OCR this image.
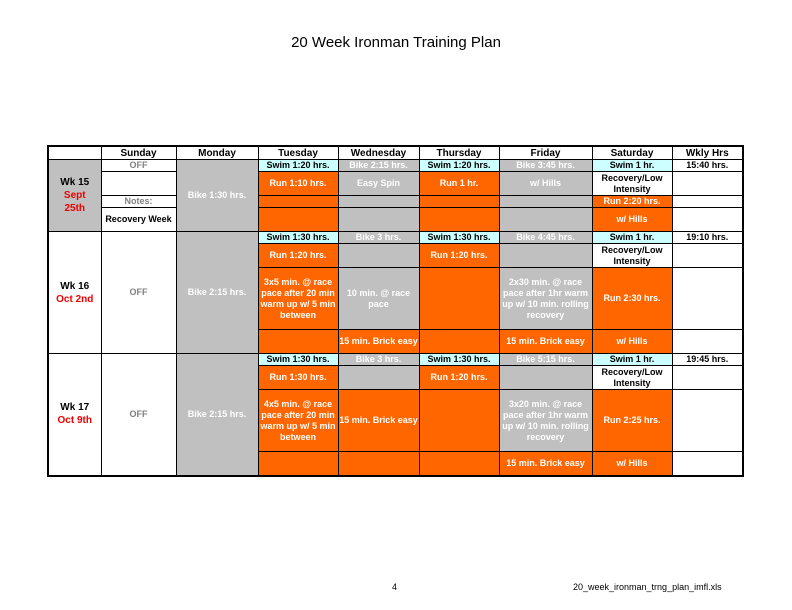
20 Week Ironman Training Plan
	Sunday	Monday	Tuesday	Wednesday	Thursday	Friday	Saturday	Wkly Hrs

Wk 15
Sept
25th	OFF	Bike 1:30 hrs.	Swim 1:20 hrs.	Bike 2:15 hrs.	Swim 1:20 hrs.	Bike 3:45 hrs.	Swim 1 hr.	15:40 hrs.
			Run 1:10 hrs.	Easy Spin	Run 1 hr.	w/ Hills	Recovery/Low Intensity	

	Notes:						Run 2:20 hrs.	
	Recovery Week						w/ Hills	

Wk 16
Oct 2nd	OFF	Bike 2:15 hrs.	Swim 1:30 hrs.	Bike 3 hrs.	Swim 1:30 hrs.	Bike 4:45 hrs.	Swim 1 hr.	19:10 hrs.
			Run 1:20 hrs.		Run 1:20 hrs.		Recovery/Low Intensity	
			3x5 min. @ race pace after 20 min warm up w/ 5 min between	10 min. @ race pace		2x30 min. @ race pace after 1hr warm up w/ 10 min. rolling recovery	Run 2:30 hrs.	
				15 min. Brick easy		15 min. Brick easy	w/ Hills	

Wk 17
Oct 9th	OFF	Bike 2:15 hrs.	Swim 1:30 hrs.	Bike 3 hrs.	Swim 1:30 hrs.	Bike 5:15 hrs.	Swim 1 hr.	19:45 hrs.
			Run 1:30 hrs.		Run 1:20 hrs.		Recovery/Low Intensity	
			4x5 min. @ race pace after 20 min warm up w/ 5 min between	15 min. Brick easy		3x20 min. @ race pace after 1hr warm up w/ 10 min. rolling recovery	Run 2:25 hrs.	
						15 min. Brick easy	w/ Hills	

4	20_week_ironman_trng_plan_imfl.xls
